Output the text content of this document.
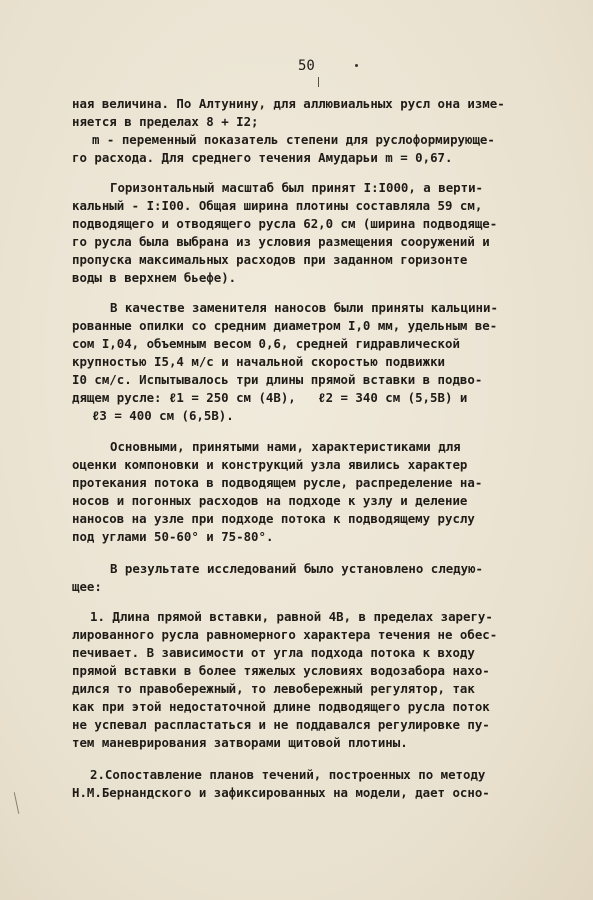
50
ная величина. По Алтунину, для аллювиальных русл она изме-
няется в пределах 8 + I2;
m - переменный показатель степени для руслоформирующе-
го расхода. Для среднего течения Амударьи m = 0,67.
Горизонтальный масштаб был принят I:I000, а верти-
кальный - I:I00. Общая ширина плотины составляла 59 см,
подводящего и отводящего русла 62,0 см (ширина подводяще-
го русла была выбрана из условия размещения сооружений и
пропуска максимальных расходов при заданном горизонте
воды в верхнем бьефе).
В качестве заменителя наносов были приняты кальцини-
рованные опилки со средним диаметром I,0 мм, удельным ве-
сом I,04, объемным весом 0,6, средней гидравлической
крупностью I5,4 м/с и начальной скоростью подвижки
I0 см/с. Испытывалось три длины прямой вставки в подво-
дящем русле: ℓ1 = 250 см (4В),   ℓ2 = 340 см (5,5В) и
ℓ3 = 400 см (6,5В).
Основными, принятыми нами, характеристиками для
оценки компоновки и конструкций узла явились характер
протекания потока в подводящем русле, распределение на-
носов и погонных расходов на подходе к узлу и деление
наносов на узле при подходе потока к подводящему руслу
под углами 50-60° и 75-80°.
В результате исследований было установлено следую-
щее:
1. Длина прямой вставки, равной 4В, в пределах зарегу-
лированного русла равномерного характера течения не обес-
печивает. В зависимости от угла подхода потока к входу
прямой вставки в более тяжелых условиях водозабора нахо-
дился то правобережный, то левобережный регулятор, так
как при этой недостаточной длине подводящего русла поток
не успевал распластаться и не поддавался регулировке пу-
тем маневрирования затворами щитовой плотины.
2.Сопоставление планов течений, построенных по методу
Н.М.Бернандского и зафиксированных на модели, дает осно-
